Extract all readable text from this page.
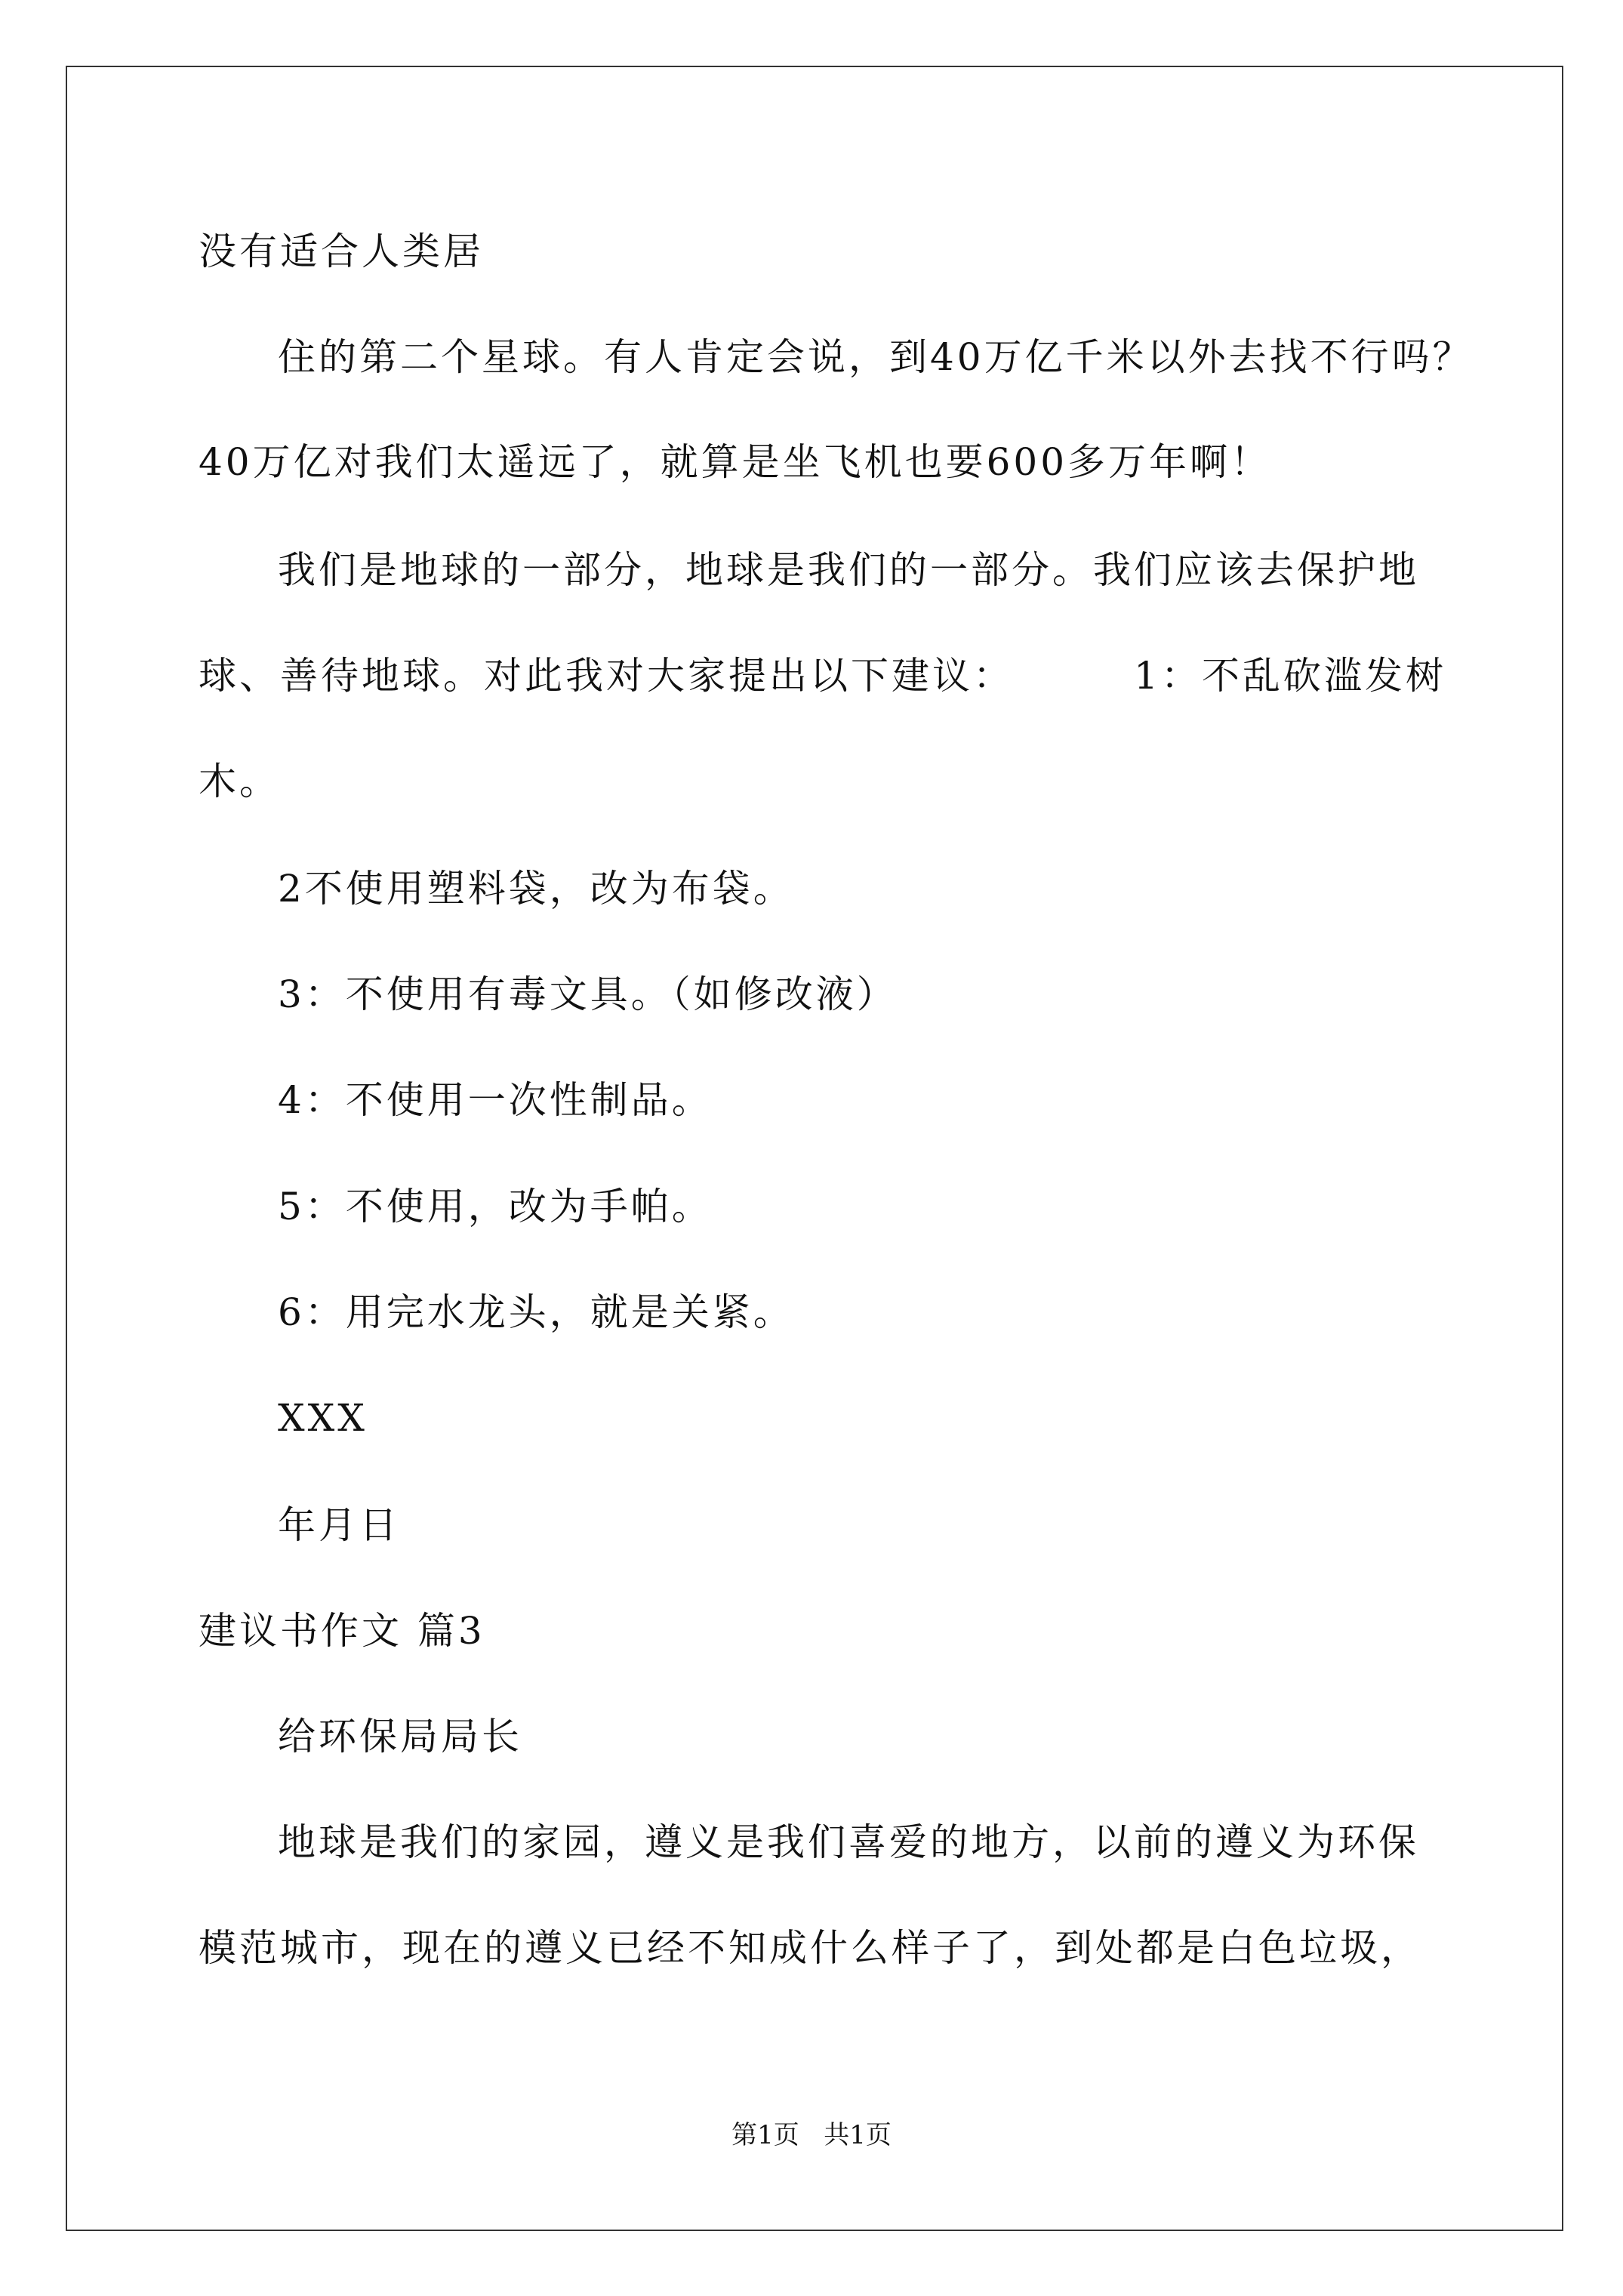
没有适合人类居
住的第二个星球。有人肯定会说，到40万亿千米以外去找不行吗？
40万亿对我们太遥远了，就算是坐飞机也要600多万年啊！
我们是地球的一部分，地球是我们的一部分。我们应该去保护地
球、善待地球。对此我对大家提出以下建议：        1：不乱砍滥发树
木。
2不使用塑料袋，改为布袋。
3：不使用有毒文具。（如修改液）
4：不使用一次性制品。
5：不使用，改为手帕。
6：用完水龙头，就是关紧。
XXX
年月日
建议书作文 篇3
给环保局局长
地球是我们的家园，遵义是我们喜爱的地方，以前的遵义为环保
模范城市，现在的遵义已经不知成什么样子了，到处都是白色垃圾，
第1页   共1页
